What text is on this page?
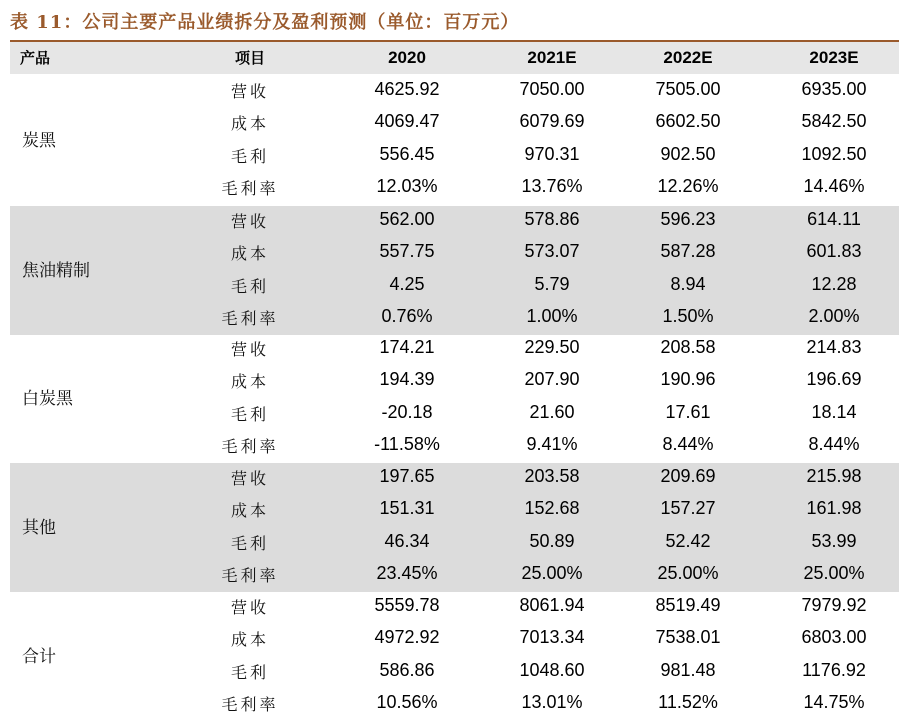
表 11：公司主要产品业绩拆分及盈利预测（单位：百万元）
产品	项目	2020	2021E	2022E	2023E
炭黑
营收	4625.92	7050.00	7505.00	6935.00
成本	4069.47	6079.69	6602.50	5842.50
毛利	556.45	970.31	902.50	1092.50
毛利率	12.03%	13.76%	12.26%	14.46%
焦油精制
营收	562.00	578.86	596.23	614.11
成本	557.75	573.07	587.28	601.83
毛利	4.25	5.79	8.94	12.28
毛利率	0.76%	1.00%	1.50%	2.00%
白炭黑
营收	174.21	229.50	208.58	214.83
成本	194.39	207.90	190.96	196.69
毛利	-20.18	21.60	17.61	18.14
毛利率	-11.58%	9.41%	8.44%	8.44%
其他
营收	197.65	203.58	209.69	215.98
成本	151.31	152.68	157.27	161.98
毛利	46.34	50.89	52.42	53.99
毛利率	23.45%	25.00%	25.00%	25.00%
合计
营收	5559.78	8061.94	8519.49	7979.92
成本	4972.92	7013.34	7538.01	6803.00
毛利	586.86	1048.60	981.48	1176.92
毛利率	10.56%	13.01%	11.52%	14.75%
